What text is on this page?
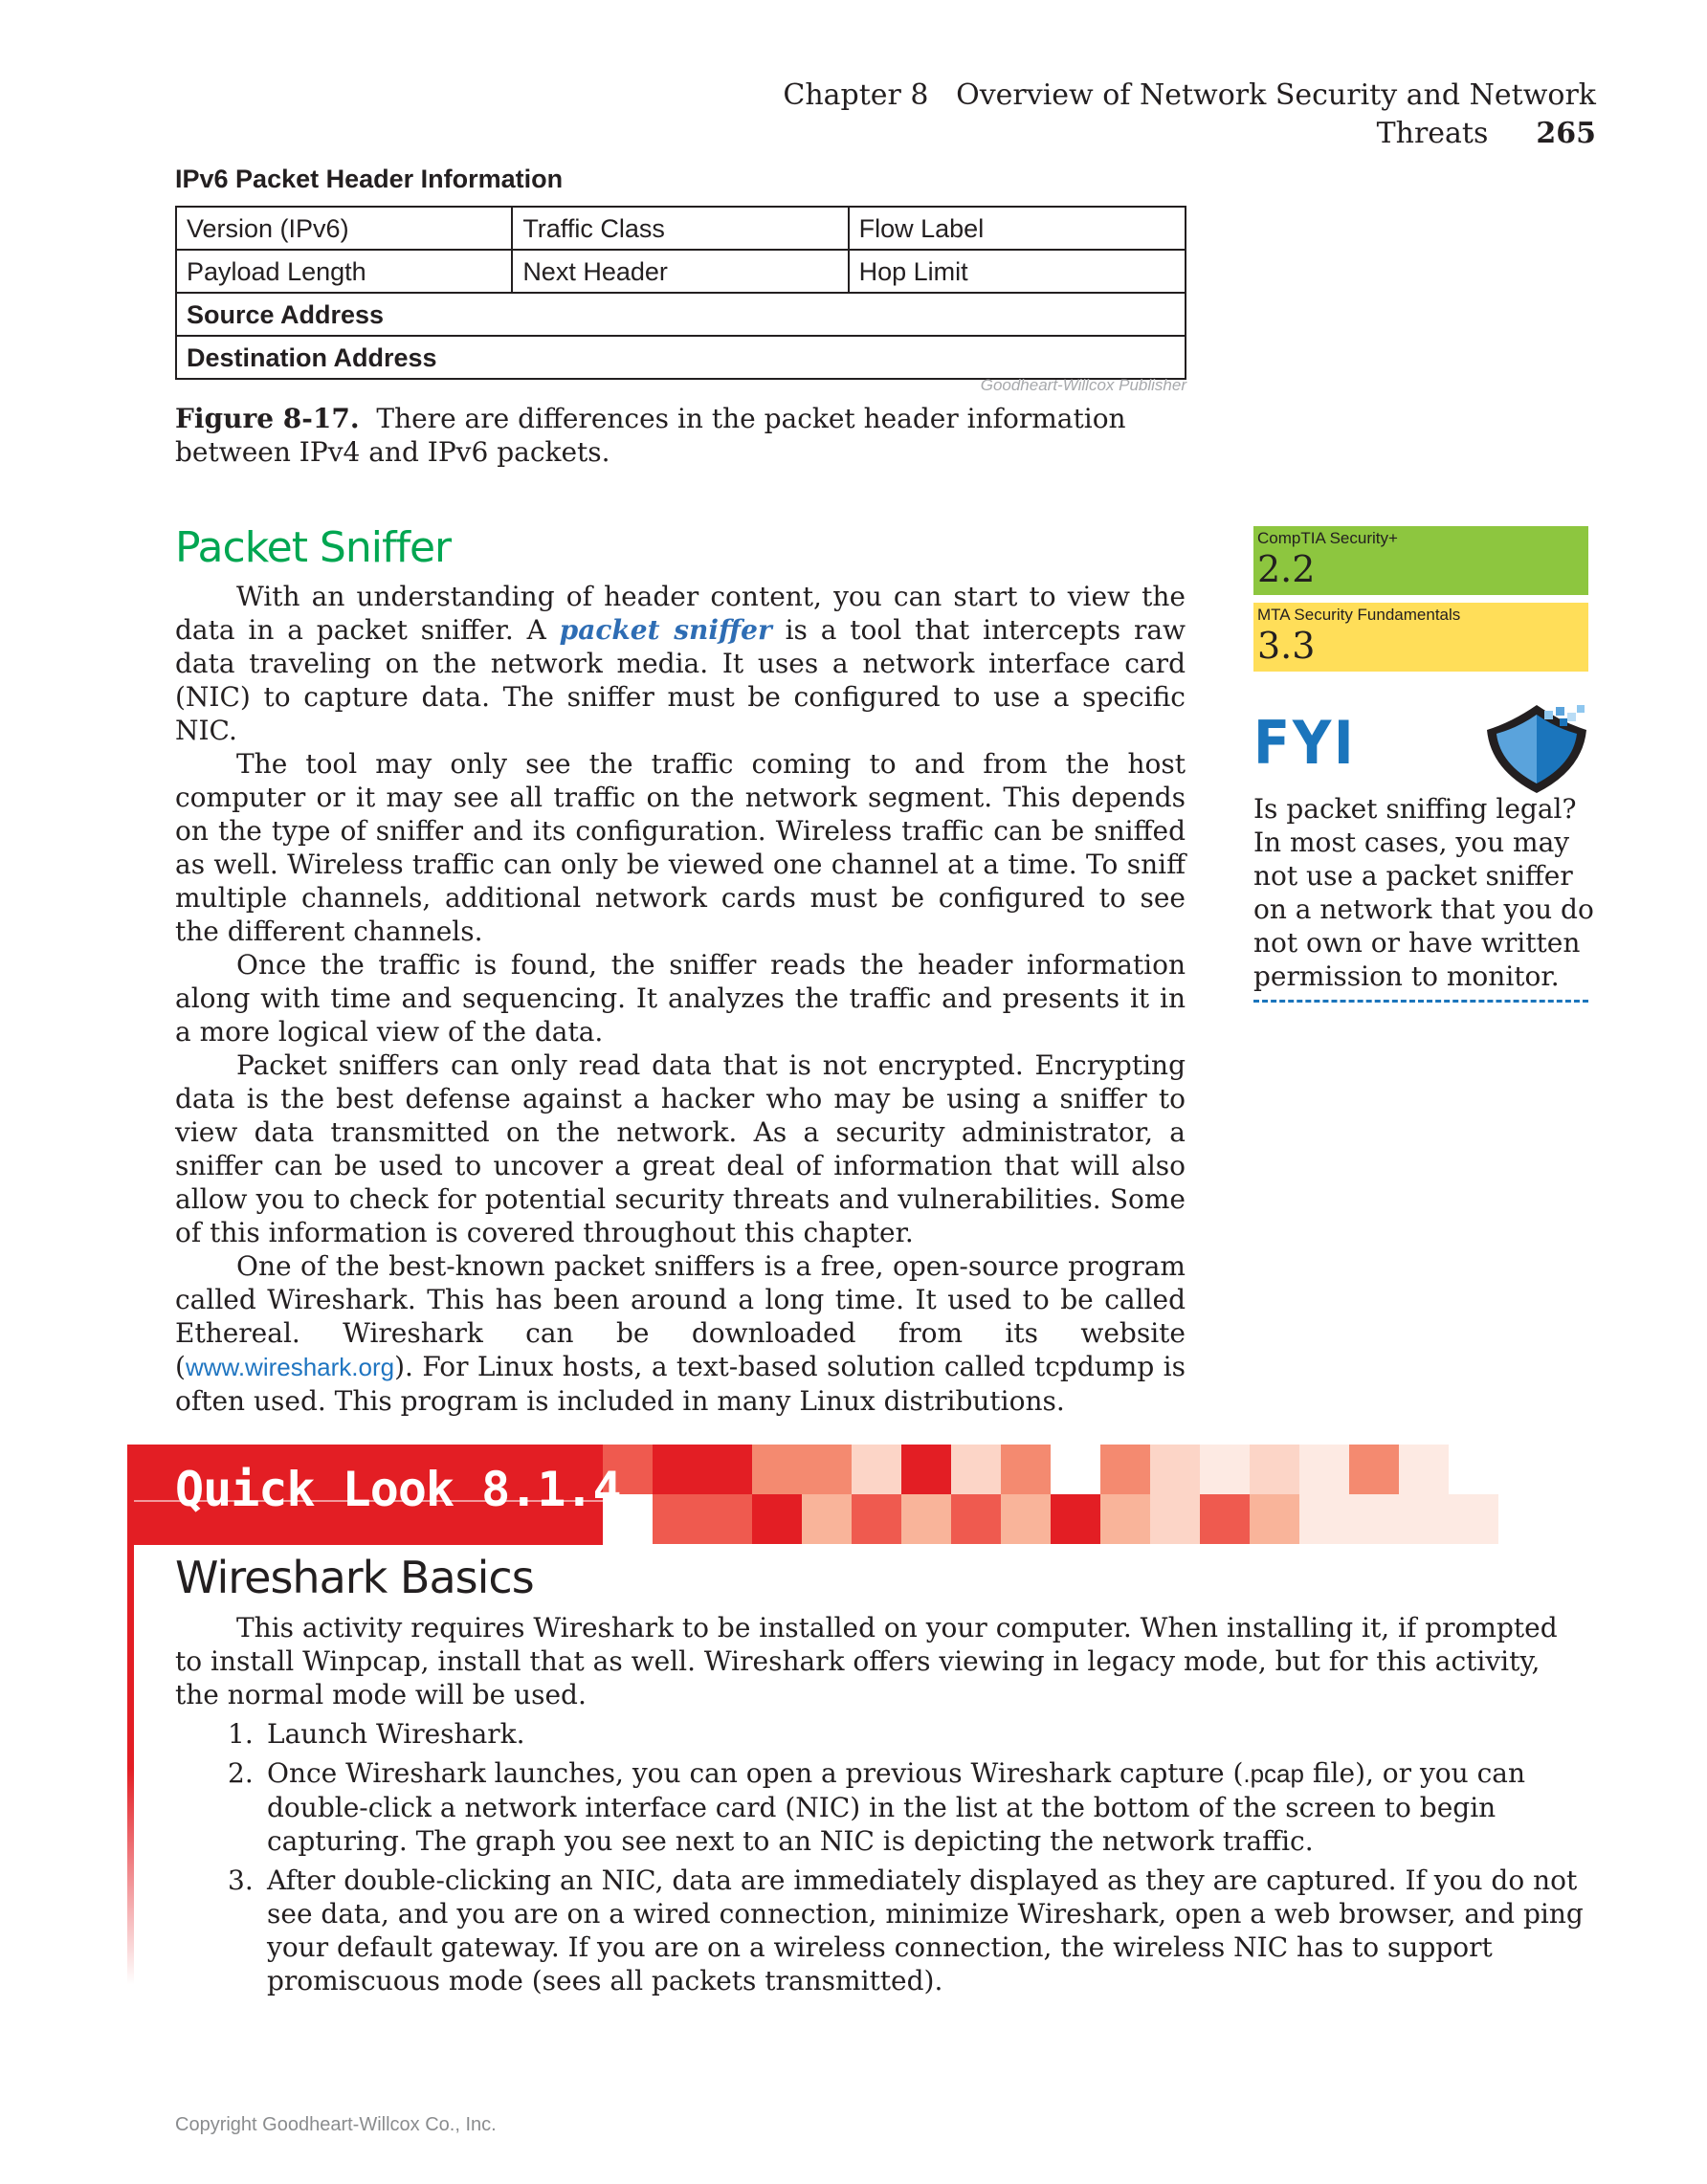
Chapter 8 Overview of Network Security and Network Threats 265
IPv6 Packet Header Information
Version (IPv6)	Traffic Class	Flow Label
Payload Length	Next Header	Hop Limit
Source Address		
Destination Address		
Goodheart-Willcox Publisher
Figure 8-17. There are differences in the packet header information between IPv4 and IPv6 packets.
Packet Sniffer

With an understanding of header content, you can start to view the data in a packet sniffer. A packet sniffer is a tool that intercepts raw data traveling on the network media. It uses a network interface card (NIC) to capture data. The sniffer must be configured to use a specific NIC.

The tool may only see the traffic coming to and from the host computer or it may see all traffic on the network segment. This depends on the type of sniffer and its configuration. Wireless traffic can be sniffed as well. Wireless traffic can only be viewed one channel at a time. To sniff multiple channels, additional network cards must be configured to see the different channels.

Once the traffic is found, the sniffer reads the header information along with time and sequencing. It analyzes the traffic and presents it in a more logical view of the data.

Packet sniffers can only read data that is not encrypted. Encrypting data is the best defense against a hacker who may be using a sniffer to view data transmitted on the network. As a security administrator, a sniffer can be used to uncover a great deal of information that will also allow you to check for potential security threats and vulnerabilities. Some of this information is covered throughout this chapter.

One of the best-known packet sniffers is a free, open-source program called Wireshark. This has been around a long time. It used to be called Ethereal. Wireshark can be downloaded from its website (www.wireshark.org). For Linux hosts, a text-based solution called tcpdump is often used. This program is included in many Linux distributions.

CompTIA Security+
2.2
MTA Security Fundamentals
3.3
FYI
Is packet sniffing legal? In most cases, you may not use a packet sniffer on a network that you do not own or have written permission to monitor.
Quick Look 8.1.4
Wireshark Basics

This activity requires Wireshark to be installed on your computer. When installing it, if prompted to install Winpcap, install that as well. Wireshark offers viewing in legacy mode, but for this activity, the normal mode will be used.

1. Launch Wireshark.
2. Once Wireshark launches, you can open a previous Wireshark capture (.pcap file), or you can double-click a network interface card (NIC) in the list at the bottom of the screen to begin capturing. The graph you see next to an NIC is depicting the network traffic.
3. After double-clicking an NIC, data are immediately displayed as they are captured. If you do not see data, and you are on a wired connection, minimize Wireshark, open a web browser, and ping your default gateway. If you are on a wireless connection, the wireless NIC has to support promiscuous mode (sees all packets transmitted).
Copyright Goodheart-Willcox Co., Inc.
